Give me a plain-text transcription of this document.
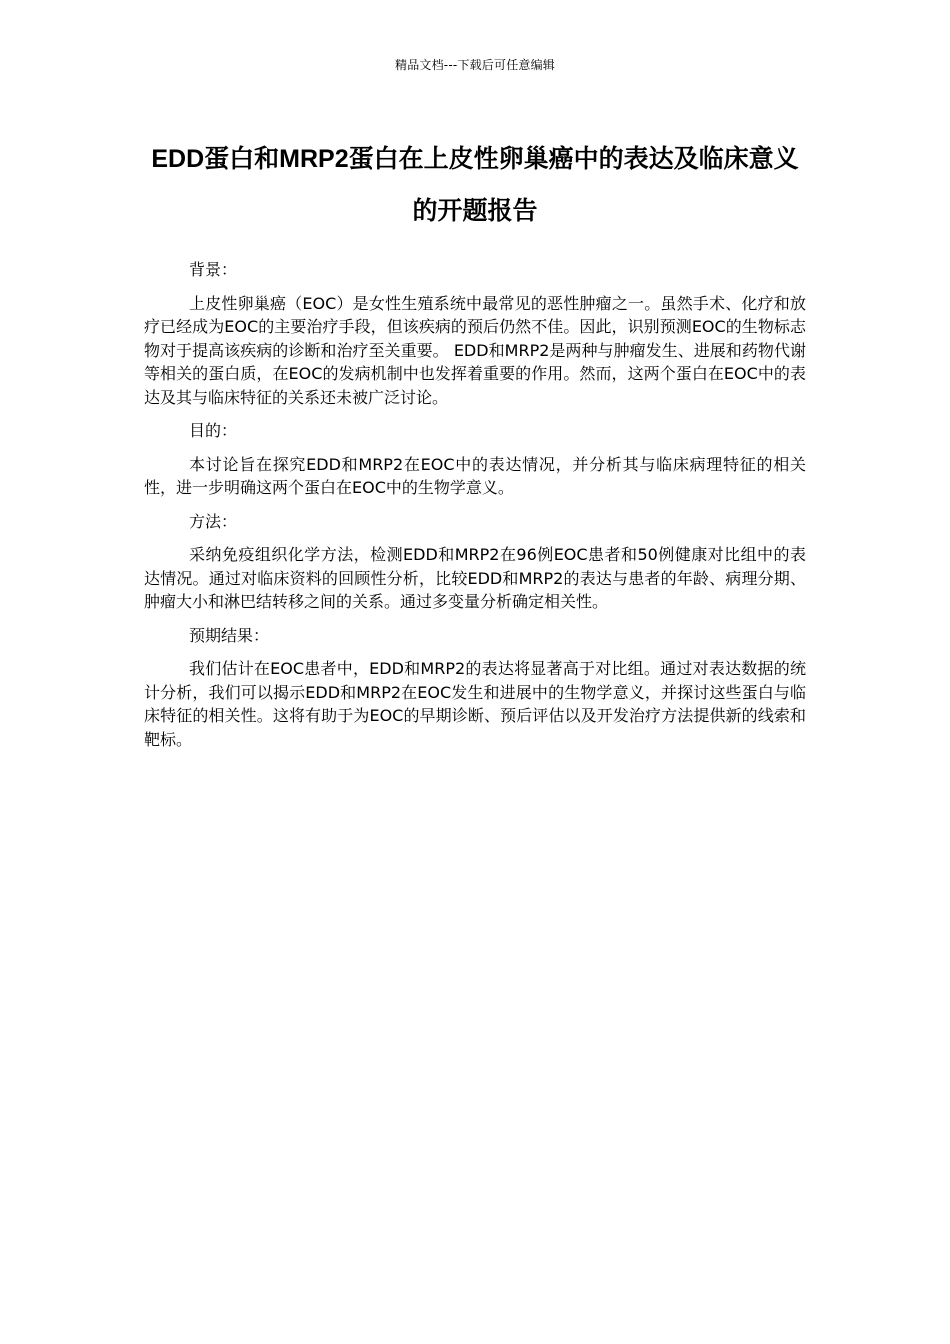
精品文档---下载后可任意编辑
EDD蛋白和MRP2蛋白在上皮性卵巢癌中的表达及临床意义的开题报告

背景：

上皮性卵巢癌（EOC）是女性生殖系统中最常见的恶性肿瘤之一。虽然手术、化疗和放疗已经成为EOC的主要治疗手段，但该疾病的预后仍然不佳。因此，识别预测EOC的生物标志物对于提高该疾病的诊断和治疗至关重要。 EDD和MRP2是两种与肿瘤发生、进展和药物代谢等相关的蛋白质，在EOC的发病机制中也发挥着重要的作用。然而，这两个蛋白在EOC中的表达及其与临床特征的关系还未被广泛讨论。

目的：

本讨论旨在探究EDD和MRP2在EOC中的表达情况，并分析其与临床病理特征的相关性，进一步明确这两个蛋白在EOC中的生物学意义。

方法：

采纳免疫组织化学方法，检测EDD和MRP2在96例EOC患者和50例健康对比组中的表达情况。通过对临床资料的回顾性分析，比较EDD和MRP2的表达与患者的年龄、病理分期、肿瘤大小和淋巴结转移之间的关系。通过多变量分析确定相关性。

预期结果：

我们估计在EOC患者中，EDD和MRP2的表达将显著高于对比组。通过对表达数据的统计分析，我们可以揭示EDD和MRP2在EOC发生和进展中的生物学意义，并探讨这些蛋白与临床特征的相关性。这将有助于为EOC的早期诊断、预后评估以及开发治疗方法提供新的线索和靶标。
